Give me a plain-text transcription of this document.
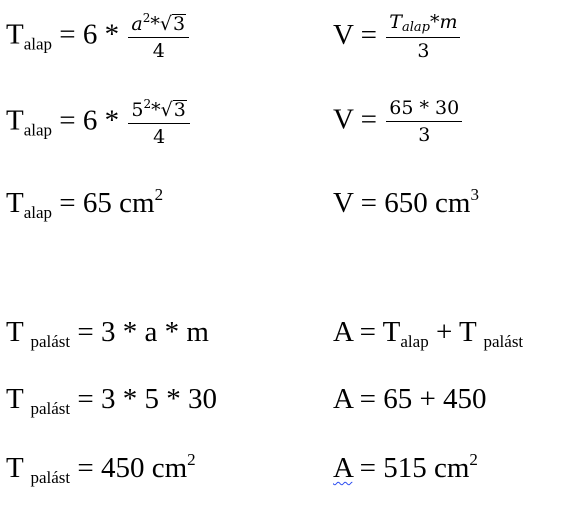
$T_{alap} = 6 * \frac{a^2*√3}{4}$
$T_{alap} = 6 * \frac{5^2*√3}{4}$
$T_{alap} = 65$ $cm^2$
T $_{palást}$ = 3 * a * m
T $_{palást}$ = 3 * 5 * 30
T $_{palást}$ = 450 $cm^2$
$V = \frac{\text{Talap*m}}{3}$
$V = \frac{65 * 30}{3}$
V = 650 $cm^3$
$A = T_{alap} + T$ $_{palást}$
A = 65 + 450
A = 515 $cm^2$
